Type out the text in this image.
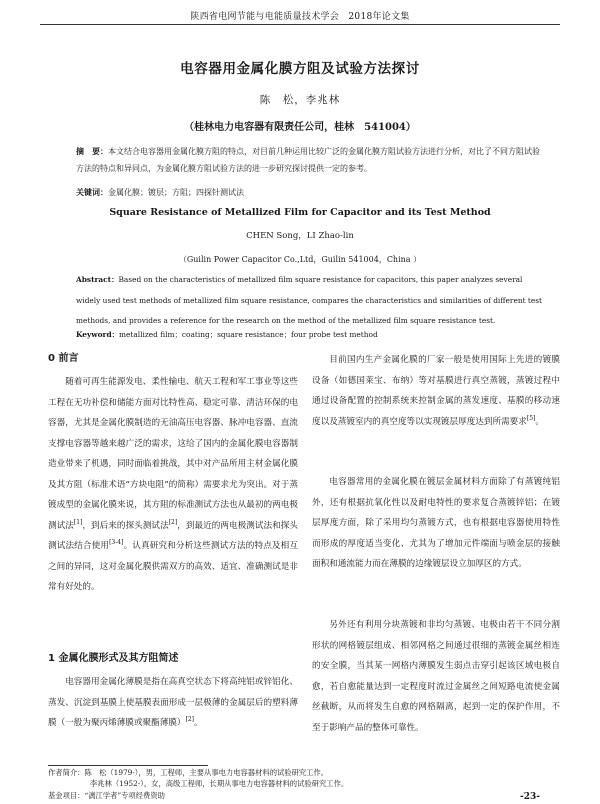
陕西省电网节能与电能质量技术学会　2018年论文集
电容器用金属化膜方阻及试验方法探讨
陈　松，李兆林
（桂林电力电容器有限责任公司，桂林　541004）
摘　要：本文结合电容器用金属化膜方阻的特点，对目前几种运用比较广泛的金属化膜方阻试验方法进行分析，对比了不同方阻试验方法的特点和异同点，为金属化膜方阻试验方法的进一步研究探讨提供一定的参考。
关键词：金属化膜；镀层；方阻；四探针测试法
Square Resistance of Metallized Film for Capacitor and its Test Method
CHEN Song，LI Zhao-lin
（Guilin Power Capacitor Co.,Ltd，Guilin 541004，China ）
Abstract：Based on the characteristics of metallized film square resistance for capacitors, this paper analyzes several widely used test methods of metallized film square resistance, compares the characteristics and similarities of different test methods, and provides a reference for the research on the method of the metallized film square resistance test.
Keyword：metallized film；coating；square resistance；four probe test method
0 前言
随着可再生能源发电、柔性输电、航天工程和军工事业等这些工程在无功补偿和储能方面对比特性高、稳定可靠、清洁环保的电容器，尤其是金属化膜制造的无油高压电容器、脉冲电容器、直流支撑电容器等越来越广泛的需求，这给了国内的金属化膜电容器制造业带来了机遇，同时面临着挑战，其中对产品所用主材金属化膜及其方阻（标准术语“方块电阻”的简称）需要求尤为突出。对于蒸镀成型的金属化膜来说，其方阻的标准测试方法也从最初的两电极测试法[1]，到后来的探头测试法[2]，到最近的两电极测试法和探头测试法结合使用[3-4]。认真研究和分析这些测试方法的特点及相互之间的异同，这对金属化膜供需双方的高效、适宜、准确测试是非常有好处的。
1 金属化膜形式及其方阻简述
电容器用金属化薄膜是指在高真空状态下将高纯铝或锌铝化、蒸发、沉淀到基膜上使基膜表面形成一层极薄的金属层后的塑料薄膜（一般为聚丙烯薄膜或聚酯薄膜）[2]。
目前国内生产金属化膜的厂家一般是使用国际上先进的镀膜设备（如德国莱宝、布纳）等对基膜进行真空蒸镀，蒸镀过程中通过设备配置的控制系统来控制金属的蒸发速度、基膜的移动速度以及蒸镀室内的真空度等以实现镀层厚度达到所需要求[5]。
电容器常用的金属化膜在镀层金属材料方面除了有蒸镀纯铝外，还有根据抗氧化性以及耐电特性的要求复合蒸镀锌铝；在镀层厚度方面，除了采用均匀蒸镀方式，也有根据电容器使用特性而形成的厚度适当变化、尤其为了增加元件端面与喷金层的接触面积和通流能力而在薄膜的边缘镀层设立加厚区的方式。
另外还有利用分块蒸镀和非均匀蒸镀、电极由若干不同分割形状的网格镀层组成、相邻网格之间通过很细的蒸镀金属丝相连的安全膜，当其某一网格内薄膜发生弱点击穿引起该区域电极自愈，若自愈能量达到一定程度时流过金属丝之间短路电流使金属丝截断，从而将发生自愈的网格隔离，起到一定的保护作用，不至于影响产品的整体可靠性。
作者简介：陈　松（1979-），男，工程师，主要从事电力电容器材料的试验研究工作。
李兆林（1952-），女，高级工程师，长期从事电力电容器材料的试验研究工作。
基金项目：“漓江学者”专项经费资助	-23-
